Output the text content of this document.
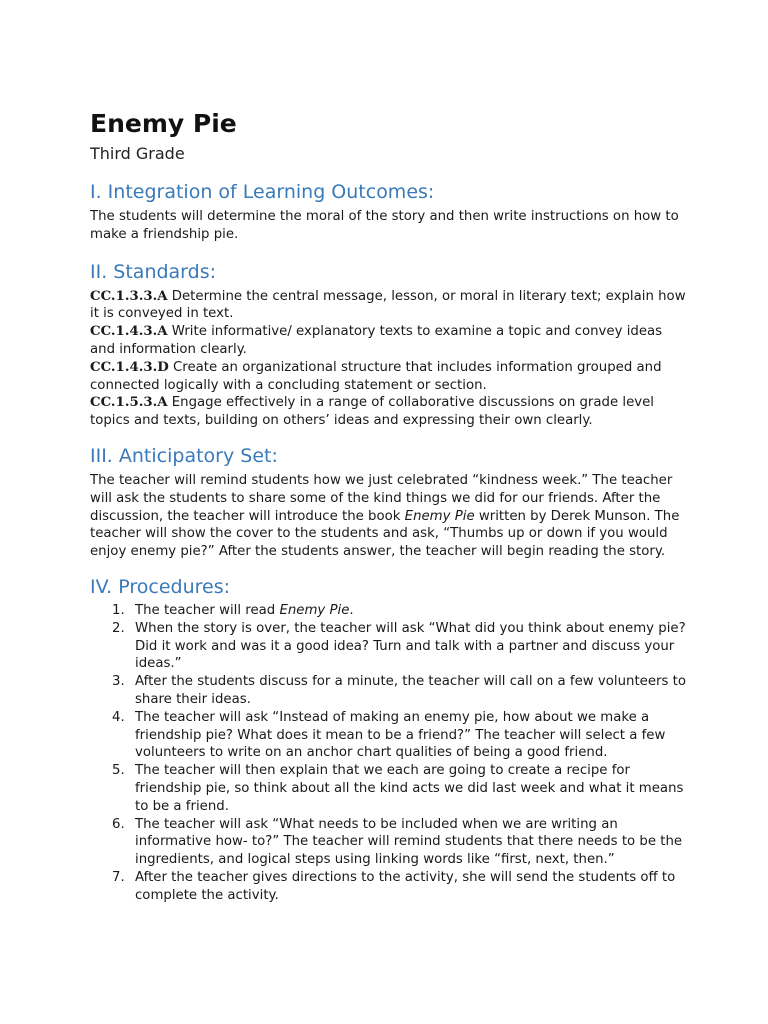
Enemy Pie
Third Grade
I. Integration of Learning Outcomes:

The students will determine the moral of the story and then write instructions on how to make a friendship pie.

II. Standards:

CC.1.3.3.A Determine the central message, lesson, or moral in literary text; explain how it is conveyed in text.

CC.1.4.3.A Write informative/ explanatory texts to examine a topic and convey ideas and information clearly.

CC.1.4.3.D Create an organizational structure that includes information grouped and connected logically with a concluding statement or section.

CC.1.5.3.A Engage effectively in a range of collaborative discussions on grade level topics and texts, building on others’ ideas and expressing their own clearly.

III. Anticipatory Set:

The teacher will remind students how we just celebrated “kindness week.” The teacher will ask the students to share some of the kind things we did for our friends. After the discussion, the teacher will introduce the book Enemy Pie written by Derek Munson. The teacher will show the cover to the students and ask, “Thumbs up or down if you would enjoy enemy pie?” After the students answer, the teacher will begin reading the story.

IV. Procedures:
1. The teacher will read Enemy Pie.
2. When the story is over, the teacher will ask “What did you think about enemy pie? Did it work and was it a good idea? Turn and talk with a partner and discuss your ideas.”
3. After the students discuss for a minute, the teacher will call on a few volunteers to share their ideas.
4. The teacher will ask “Instead of making an enemy pie, how about we make a friendship pie? What does it mean to be a friend?” The teacher will select a few volunteers to write on an anchor chart qualities of being a good friend.
5. The teacher will then explain that we each are going to create a recipe for friendship pie, so think about all the kind acts we did last week and what it means to be a friend.
6. The teacher will ask “What needs to be included when we are writing an informative how- to?” The teacher will remind students that there needs to be the ingredients, and logical steps using linking words like “first, next, then.”
7. After the teacher gives directions to the activity, she will send the students off to complete the activity.
